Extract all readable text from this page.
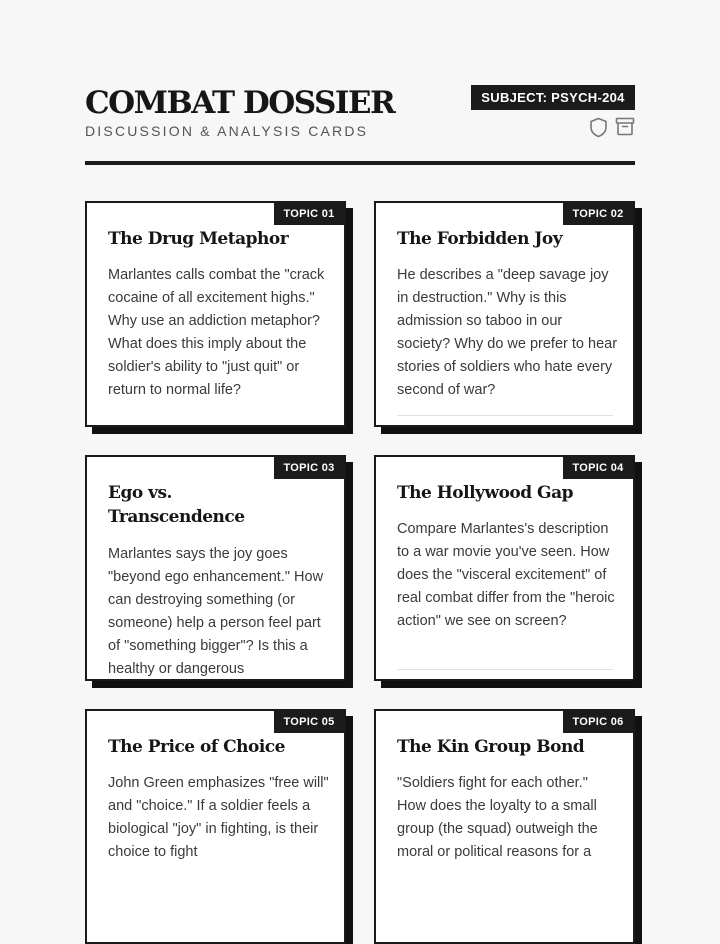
COMBAT DOSSIER
DISCUSSION & ANALYSIS CARDS
SUBJECT: PSYCH-204
TOPIC 01
The Drug Metaphor
Marlantes calls combat the "crack cocaine of all excitement highs." Why use an addiction metaphor? What does this imply about the soldier's ability to "just quit" or return to normal life?
TOPIC 02
The Forbidden Joy
He describes a "deep savage joy in destruction." Why is this admission so taboo in our society? Why do we prefer to hear stories of soldiers who hate every second of war?
TOPIC 03
Ego vs. Transcendence
Marlantes says the joy goes "beyond ego enhancement." How can destroying something (or someone) help a person feel part of "something bigger"? Is this a healthy or dangerous
TOPIC 04
The Hollywood Gap
Compare Marlantes's description to a war movie you've seen. How does the "visceral excitement" of real combat differ from the "heroic action" we see on screen?
TOPIC 05
The Price of Choice
John Green emphasizes "free will" and "choice." If a soldier feels a biological "joy" in fighting, is their choice to fight
TOPIC 06
The Kin Group Bond
"Soldiers fight for each other." How does the loyalty to a small group (the squad) outweigh the moral or political reasons for a
